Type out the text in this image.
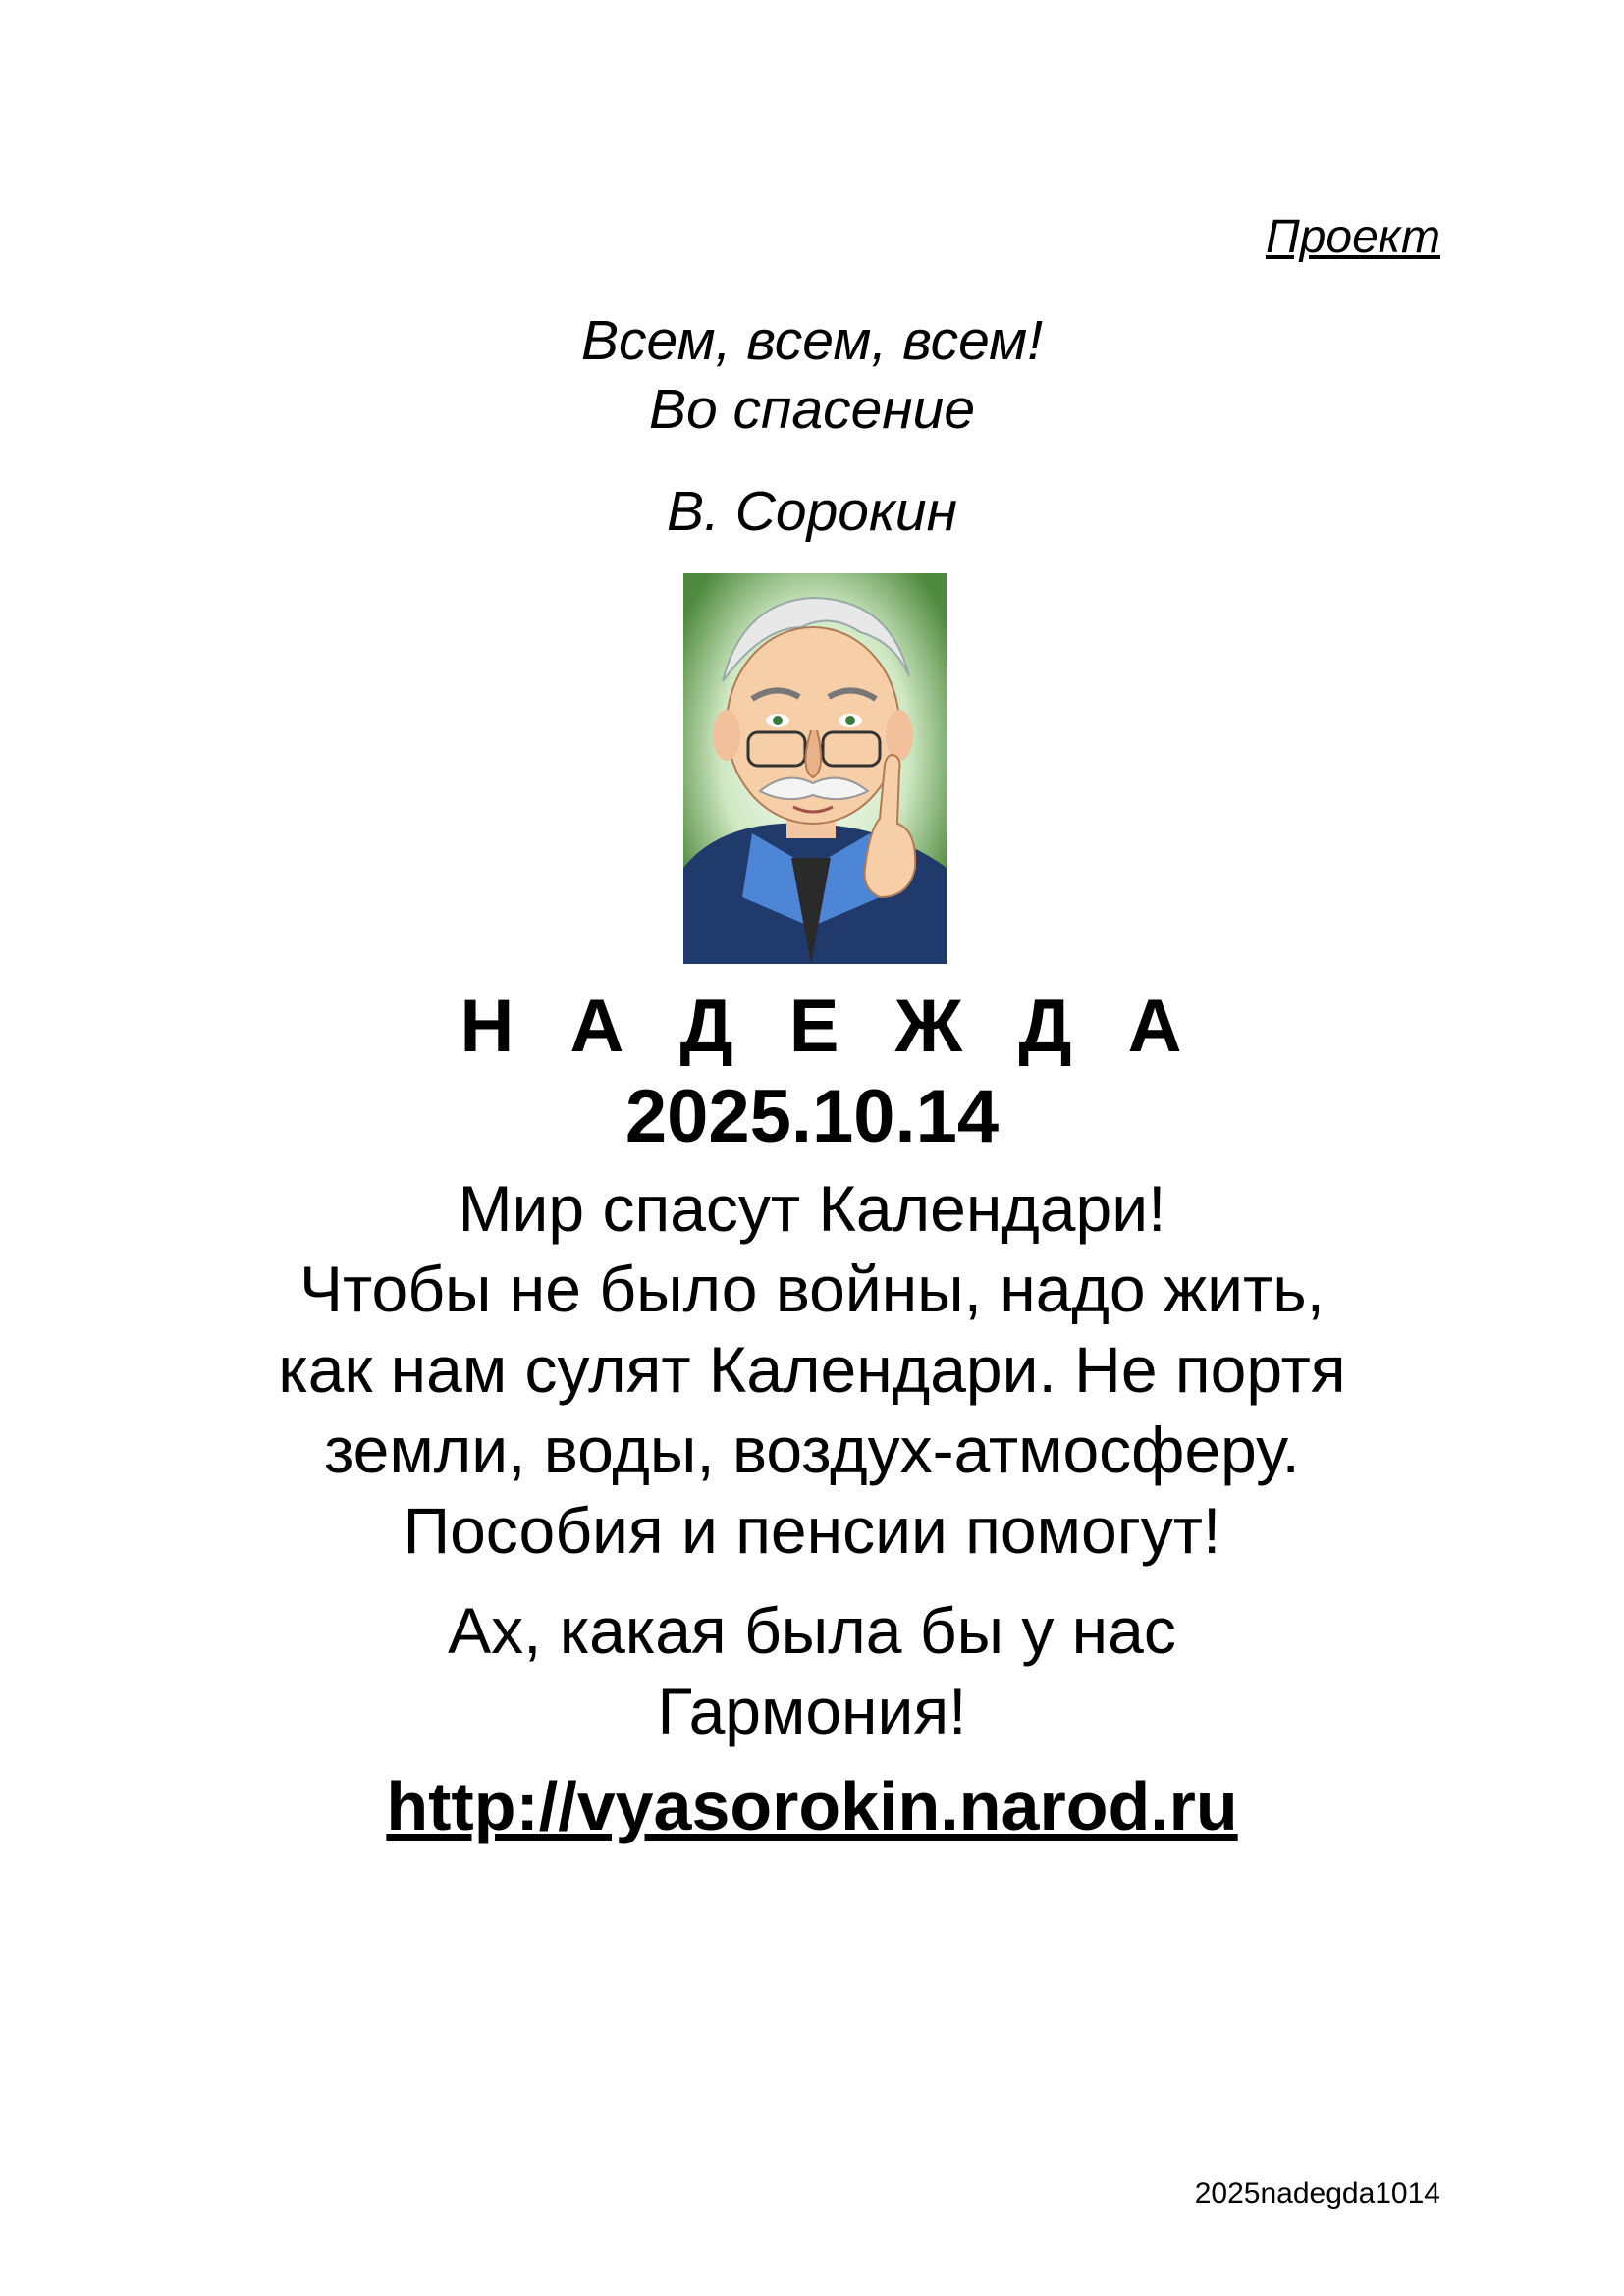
Проект
Всем, всем, всем!
Во спасение
В. Сорокин
Н А Д Е Ж Д А
2025.10.14
Мир спасут Календари!
Чтобы не было войны, надо жить,
как нам сулят Календари. Не портя
земли, воды, воздух-атмосферу.
Пособия и пенсии помогут!
Ах, какая была бы у нас
Гармония!
http://vyasorokin.narod.ru
2025nadegda1014
